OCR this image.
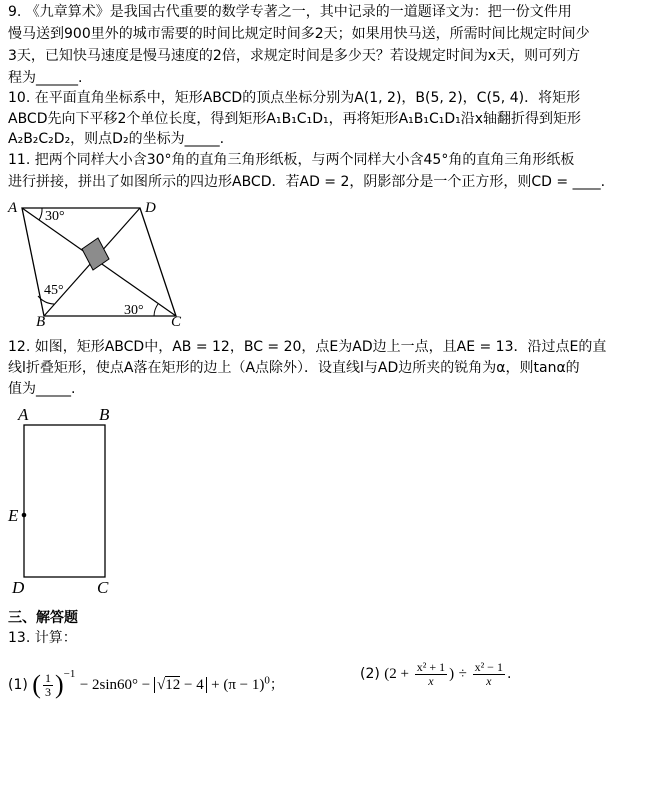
9. 《九章算术》是我国古代重要的数学专著之一，其中记录的一道题译文为：把一份文件用
慢马送到900里外的城市需要的时间比规定时间多2天；如果用快马送，所需时间比规定时间少
3天，已知快马速度是慢马速度的2倍，求规定时间是多少天？若设规定时间为x天，则可列方
程为______.
10. 在平面直角坐标系中，矩形ABCD的顶点坐标分别为A(1, 2)，B(5, 2)，C(5, 4)．将矩形
ABCD先向下平移2个单位长度，得到矩形A₁B₁C₁D₁，再将矩形A₁B₁C₁D₁沿x轴翻折得到矩形
A₂B₂C₂D₂，则点D₂的坐标为_____.
11. 把两个同样大小含30°角的直角三角形纸板，与两个同样大小含45°角的直角三角形纸板
进行拼接，拼出了如图所示的四边形ABCD．若AD = 2，阴影部分是一个正方形，则CD = ____.
A	D
B	C
30°
45°
30°
12. 如图，矩形ABCD中，AB = 12，BC = 20，点E为AD边上一点，且AE = 13．沿过点E的直
线l折叠矩形，使点A落在矩形的边上（A点除外）．设直线l与AD边所夹的锐角为α，则tanα的
值为_____.
A	B
E
D	C
三、解答题
13. 计算：
(1) ( $\frac{1}{3} )^{-1} - 2\sin 60^\circ - √12 - 4 + (\pi - 1)^0$；
(2) ($2 + \frac{\text{x² + 1}}{x}$ ) ÷ $\frac{\text{x² − 1}}{x}$ .
